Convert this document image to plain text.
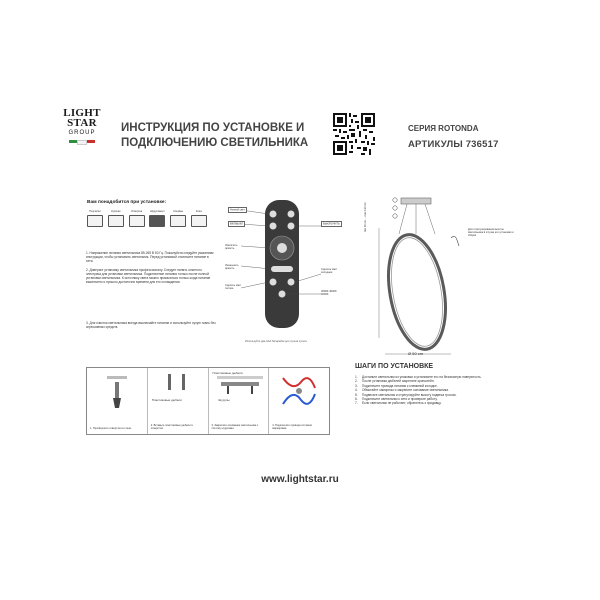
LIGHT
STAR
GROUP	ИНСТРУКЦИЯ ПО УСТАНОВКЕ И
ПОДКЛЮЧЕНИЮ СВЕТИЛЬНИКА
СЕРИЯ ROTONDA
АРТИКУЛЫ 736517
Вам понадобится при установке:
Перчатки	Кусачки	Отвертка	Шуруповерт	Клеммы	Ключ
1. Напряжение питания светильника 85-265 В 50 Гц. Пожалуйста следуйте указаниям инструкции, чтобы установить светильник. Перед установкой отключите питание в сети.
2. Доверьте установку светильника профессионалу. Следует нанять опытного электрика для установки светильника. Подключение питания только после полной установки светильника. К источнику света можно прикасаться только когда питание выключено и прошло достаточно времени для его охлаждения.
3. Для очистки светильника всегда выключайте питание и используйте сухую ткань без агрессивных средств.
Ночной свет
ВКЛ/ВЫКЛ
Увеличить яркость
Уменьшить яркость
Сделать свет теплее
ВЫКЛЮЧИТЬ
Сделать свет холоднее
3000K 4000K 6000K
Используйте два ААА батарейки для пульта пульта
min 30 cm ... max 120 cm
Ø 50 cm
Для отрегулирования высоты светильника в случае его установки и сборки
1. Просверлите отверстия в стене.
Пластиковые дюбели
2. Вставьте пластиковые дюбели в отверстия.
Пластиковые дюбели
Шурупы
3. Закрепите основание светильника к потолку шурупами.
4. Подключите провода согласно маркировке.
ШАГИ ПО УСТАНОВКЕ
1.	Достаньте светильник из упаковки и установите его на безопасную поверхность.
2.	После установки дюбелей закрепите кронштейн.
3.	Подключите провода питания к клеммной колодке.
4.	Обмотайте саморезы и закрепите основание светильника.
5.	Подвесьте светильник и отрегулируйте высоту подвеса тросом.
6.	Подключите светильник к сети и проверьте работу.
7.	Если светильник не работает, обратитесь к продавцу.
www.lightstar.ru
